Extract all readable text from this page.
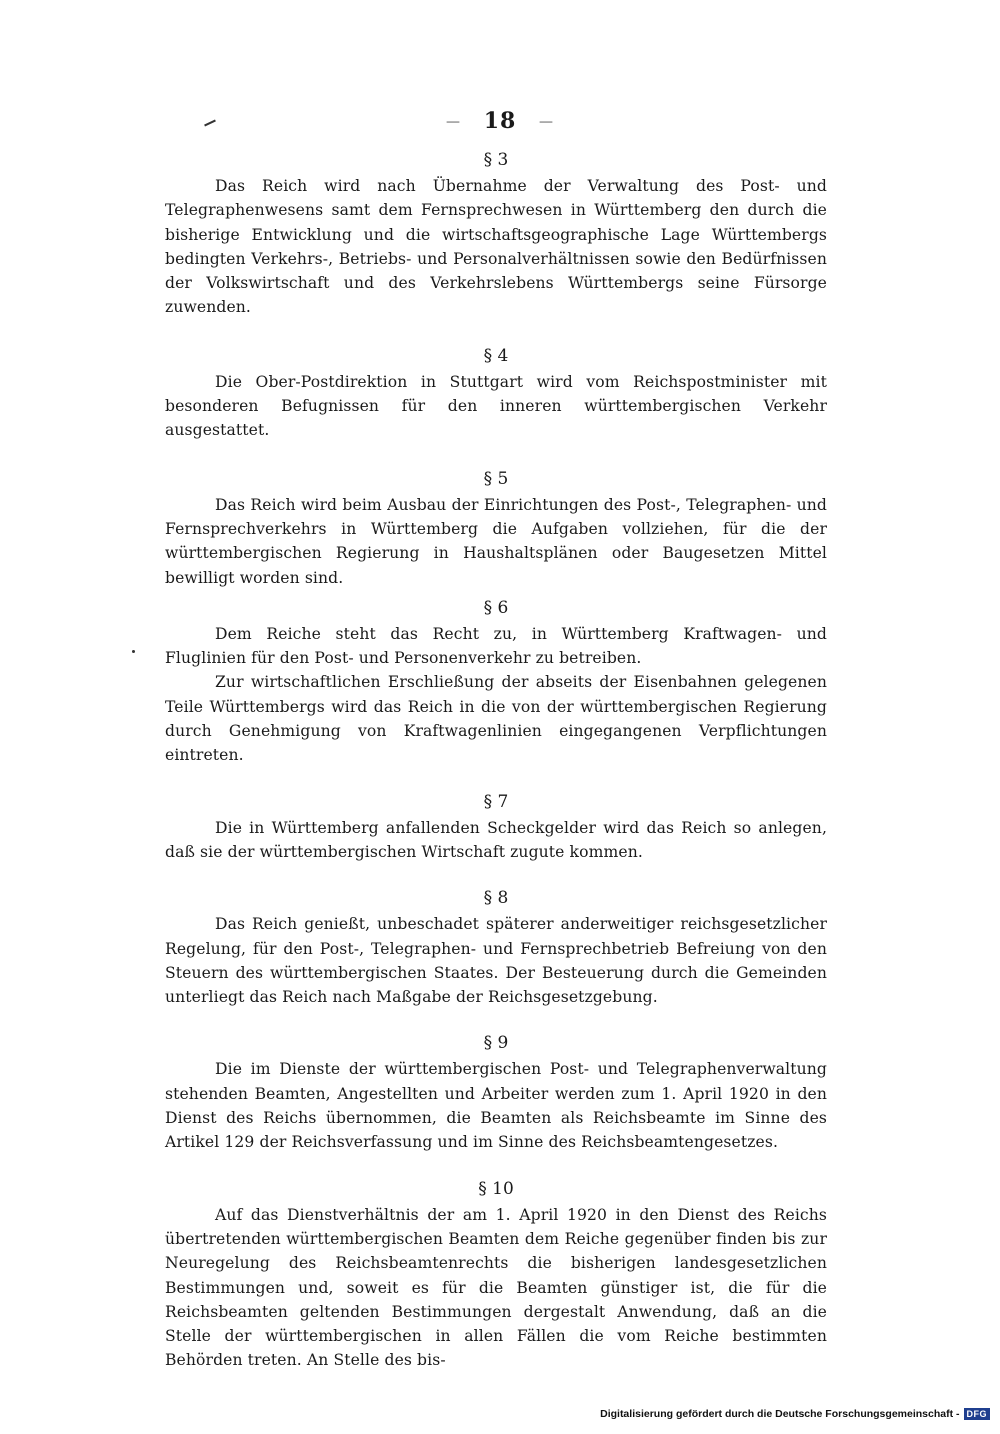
— 18 —
§ 3

Das Reich wird nach Übernahme der Verwaltung des Post- und Telegraphenwesens samt dem Fernsprechwesen in Württemberg den durch die bisherige Entwicklung und die wirtschaftsgeographische Lage Württembergs bedingten Verkehrs-, Betriebs- und Personalverhältnissen sowie den Bedürfnissen der Volkswirtschaft und des Verkehrslebens Württembergs seine Fürsorge zuwenden.

§ 4

Die Ober-Postdirektion in Stuttgart wird vom Reichspostminister mit besonderen Befugnissen für den inneren württembergischen Verkehr ausgestattet.

§ 5

Das Reich wird beim Ausbau der Einrichtungen des Post-, Telegraphen- und Fernsprechverkehrs in Württemberg die Aufgaben vollziehen, für die der württembergischen Regierung in Haushaltsplänen oder Baugesetzen Mittel bewilligt worden sind.

§ 6

Dem Reiche steht das Recht zu, in Württemberg Kraftwagen- und Fluglinien für den Post- und Personenverkehr zu betreiben.

Zur wirtschaftlichen Erschließung der abseits der Eisenbahnen gelegenen Teile Württembergs wird das Reich in die von der württembergischen Regierung durch Genehmigung von Kraftwagenlinien eingegangenen Verpflichtungen eintreten.

§ 7

Die in Württemberg anfallenden Scheckgelder wird das Reich so anlegen, daß sie der württembergischen Wirtschaft zugute kommen.

§ 8

Das Reich genießt, unbeschadet späterer anderweitiger reichsgesetzlicher Regelung, für den Post-, Telegraphen- und Fernsprechbetrieb Befreiung von den Steuern des württembergischen Staates. Der Besteuerung durch die Gemeinden unterliegt das Reich nach Maßgabe der Reichsgesetzgebung.

§ 9

Die im Dienste der württembergischen Post- und Telegraphenverwaltung stehenden Beamten, Angestellten und Arbeiter werden zum 1. April 1920 in den Dienst des Reichs übernommen, die Beamten als Reichsbeamte im Sinne des Artikel 129 der Reichsverfassung und im Sinne des Reichsbeamtengesetzes.

§ 10

Auf das Dienstverhältnis der am 1. April 1920 in den Dienst des Reichs übertretenden württembergischen Beamten dem Reiche gegenüber finden bis zur Neuregelung des Reichsbeamtenrechts die bisherigen landesgesetzlichen Bestimmungen und, soweit es für die Beamten günstiger ist, die für die Reichsbeamten geltenden Bestimmungen dergestalt Anwendung, daß an die Stelle der württembergischen in allen Fällen die vom Reiche bestimmten Behörden treten. An Stelle des bis-

Digitalisierung gefördert durch die Deutsche Forschungsgemeinschaft - DFG
